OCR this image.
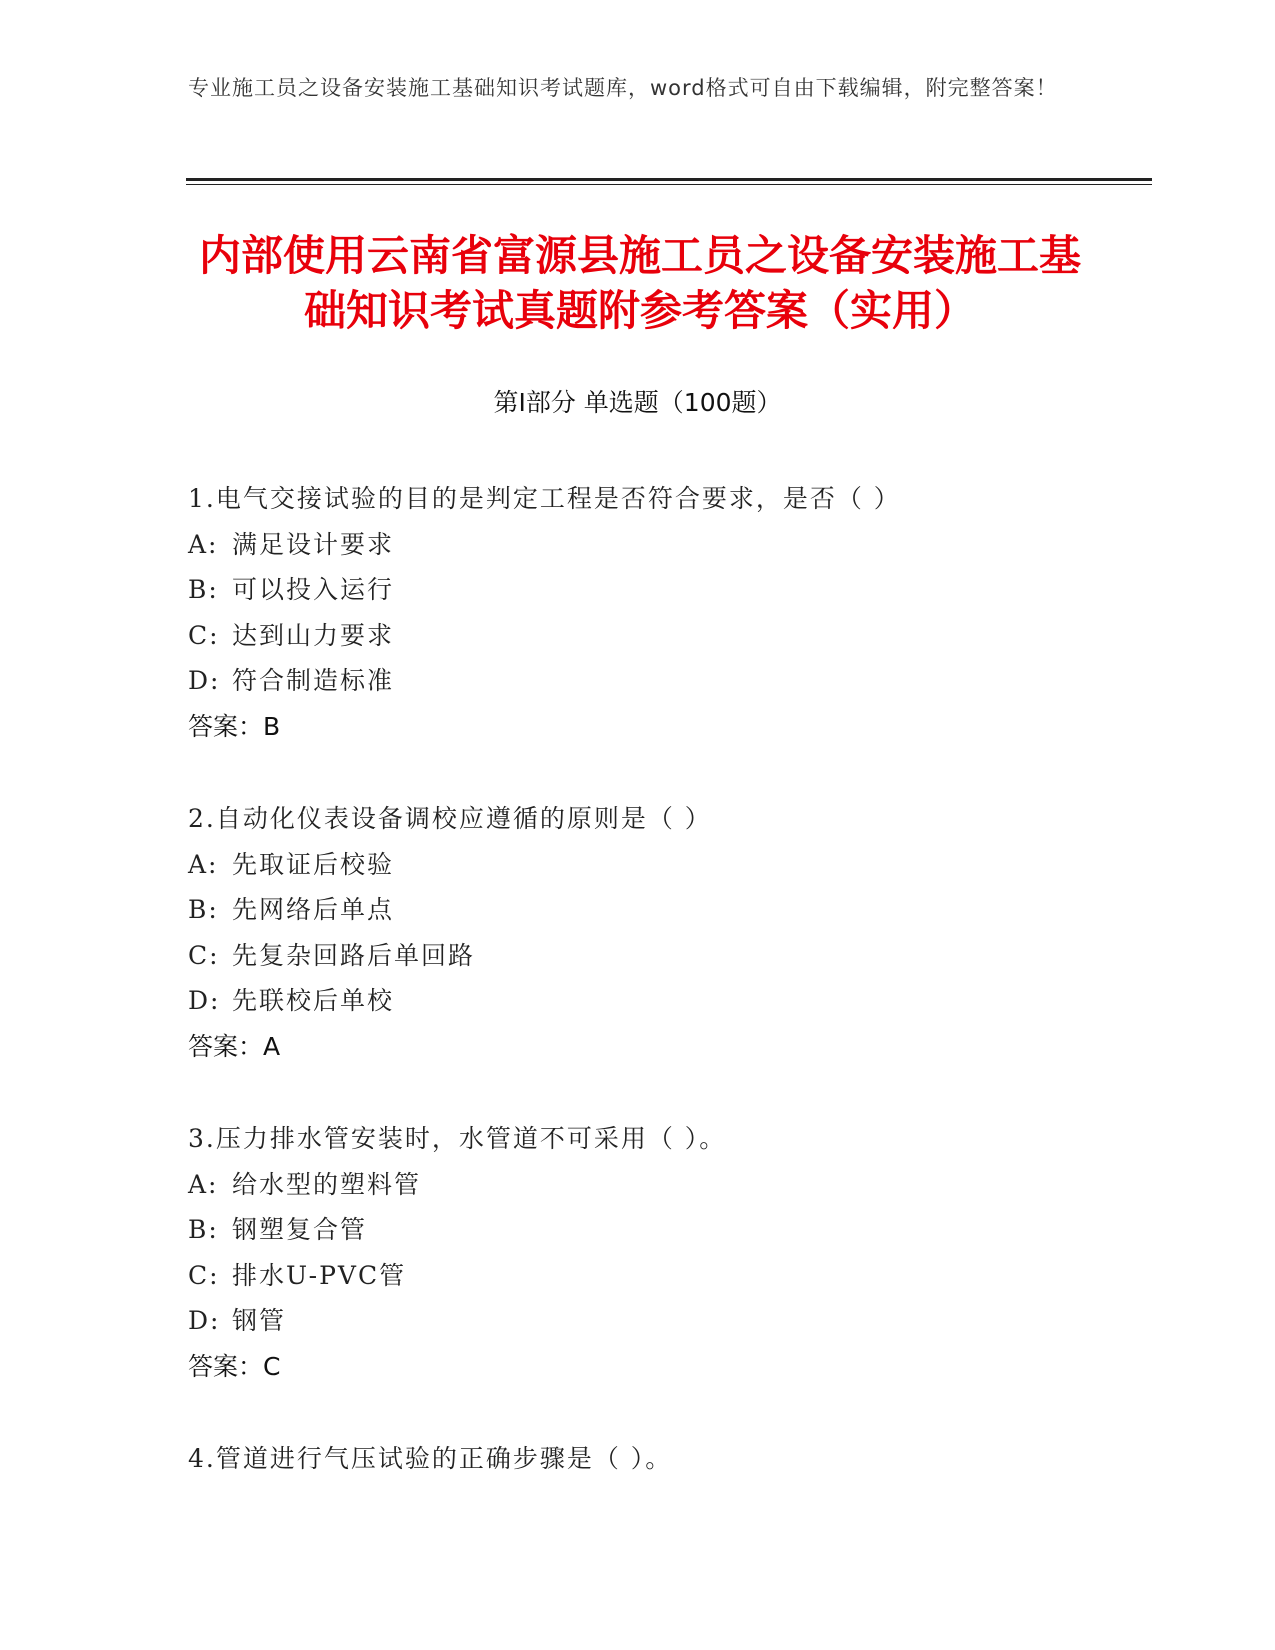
专业施工员之设备安装施工基础知识考试题库，word格式可自由下载编辑，附完整答案！
内部使用云南省富源县施工员之设备安装施工基础知识考试真题附参考答案（实用）
第Ⅰ部分 单选题（100题）
1.电气交接试验的目的是判定工程是否符合要求，是否（ ）
A: 满足设计要求
B: 可以投入运行
C: 达到山力要求
D: 符合制造标准
答案：B
2.自动化仪表设备调校应遵循的原则是（ ）
A: 先取证后校验
B: 先网络后单点
C: 先复杂回路后单回路
D: 先联校后单校
答案：A
3.压力排水管安装时，水管道不可采用（ ）。
A: 给水型的塑料管
B: 钢塑复合管
C: 排水U-PVC管
D: 钢管
答案：C
4.管道进行气压试验的正确步骤是（ ）。
